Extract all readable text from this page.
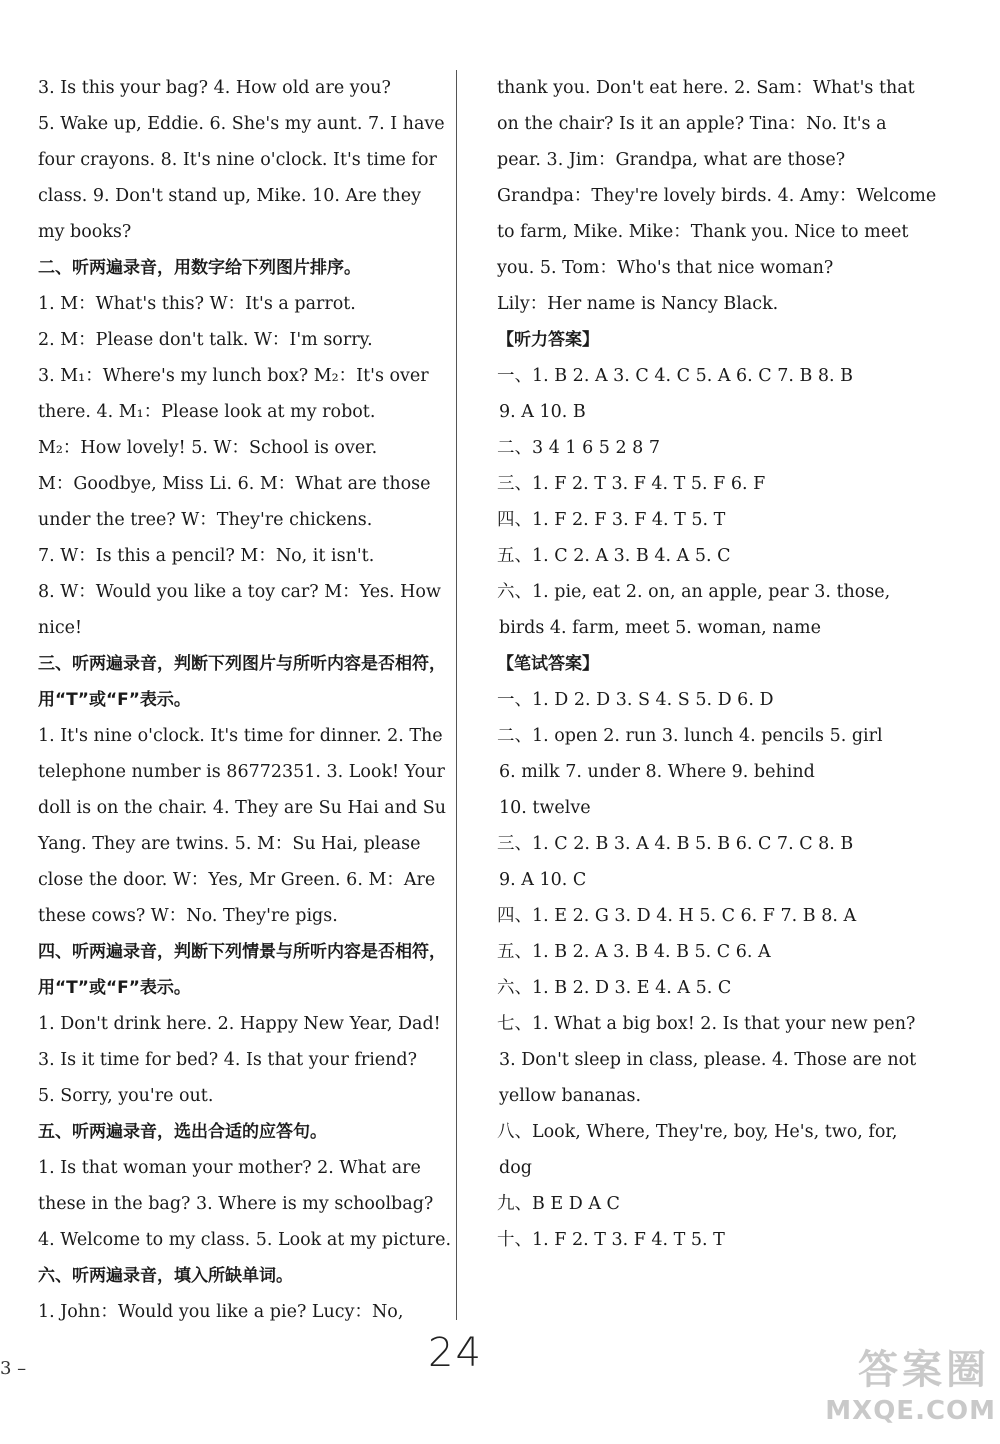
3. Is this your bag? 4. How old are you?
5. Wake up, Eddie. 6. She's my aunt. 7. I have
four crayons. 8. It's nine o'clock. It's time for
class. 9. Don't stand up, Mike. 10. Are they
my books?
二、听两遍录音，用数字给下列图片排序。
1. M：What's this? W：It's a parrot.
2. M：Please don't talk. W：I'm sorry.
3. M₁：Where's my lunch box? M₂：It's over
there. 4. M₁：Please look at my robot.
M₂：How lovely! 5. W：School is over.
M：Goodbye, Miss Li. 6. M：What are those
under the tree? W：They're chickens.
7. W：Is this a pencil? M：No, it isn't.
8. W：Would you like a toy car? M：Yes. How
nice!
三、听两遍录音，判断下列图片与所听内容是否相符，
用“T”或“F”表示。
1. It's nine o'clock. It's time for dinner. 2. The
telephone number is 86772351. 3. Look! Your
doll is on the chair. 4. They are Su Hai and Su
Yang. They are twins. 5. M：Su Hai, please
close the door. W：Yes, Mr Green. 6. M：Are
these cows? W：No. They're pigs.
四、听两遍录音，判断下列情景与所听内容是否相符，
用“T”或“F”表示。
1. Don't drink here. 2. Happy New Year, Dad!
3. Is it time for bed? 4. Is that your friend?
5. Sorry, you're out.
五、听两遍录音，选出合适的应答句。
1. Is that woman your mother? 2. What are
these in the bag? 3. Where is my schoolbag?
4. Welcome to my class. 5. Look at my picture.
六、听两遍录音，填入所缺单词。
1. John：Would you like a pie? Lucy：No,
thank you. Don't eat here. 2. Sam：What's that
on the chair? Is it an apple? Tina：No. It's a
pear. 3. Jim：Grandpa, what are those?
Grandpa：They're lovely birds. 4. Amy：Welcome
to farm, Mike. Mike：Thank you. Nice to meet
you. 5. Tom：Who's that nice woman?
Lily：Her name is Nancy Black.
【听力答案】
一、1. B 2. A 3. C 4. C 5. A 6. C 7. B 8. B
9. A 10. B
二、3 4 1 6 5 2 8 7
三、1. F 2. T 3. F 4. T 5. F 6. F
四、1. F 2. F 3. F 4. T 5. T
五、1. C 2. A 3. B 4. A 5. C
六、1. pie, eat 2. on, an apple, pear 3. those,
birds 4. farm, meet 5. woman, name
【笔试答案】
一、1. D 2. D 3. S 4. S 5. D 6. D
二、1. open 2. run 3. lunch 4. pencils 5. girl
6. milk 7. under 8. Where 9. behind
10. twelve
三、1. C 2. B 3. A 4. B 5. B 6. C 7. C 8. B
9. A 10. C
四、1. E 2. G 3. D 4. H 5. C 6. F 7. B 8. A
五、1. B 2. A 3. B 4. B 5. C 6. A
六、1. B 2. D 3. E 4. A 5. C
七、1. What a big box! 2. Is that your new pen?
3. Don't sleep in class, please. 4. Those are not
yellow bananas.
八、Look, Where, They're, boy, He's, two, for,
dog
九、B E D A C
十、1. F 2. T 3. F 4. T 5. T
3 –	24	答案圈
MXQE.COM
